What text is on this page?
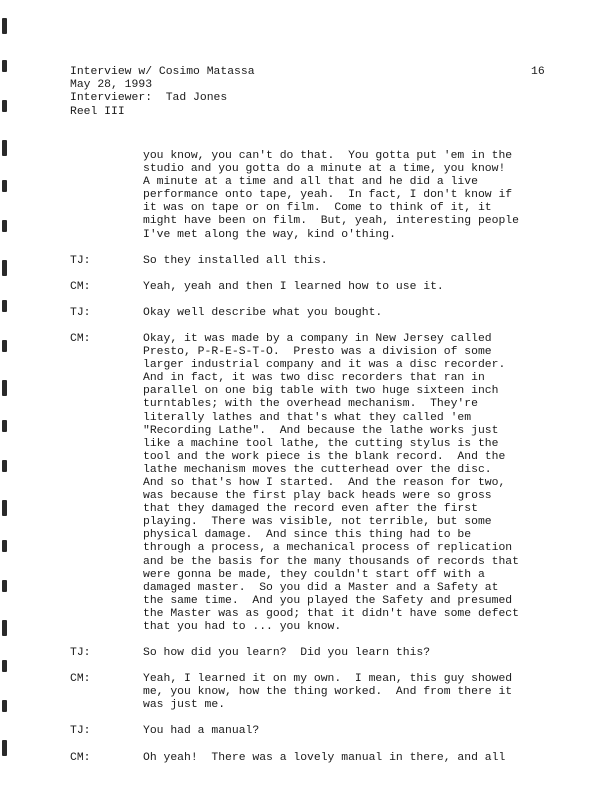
Interview w/ Cosimo Matassa
May 28, 1993
Interviewer:  Tad Jones
Reel III
16
you know, you can't do that.  You gotta put 'em in the
studio and you gotta do a minute at a time, you know!
A minute at a time and all that and he did a live
performance onto tape, yeah.  In fact, I don't know if
it was on tape or on film.  Come to think of it, it
might have been on film.  But, yeah, interesting people
I've met along the way, kind o'thing.
TJ:	So they installed all this.
CM:	Yeah, yeah and then I learned how to use it.
TJ:	Okay well describe what you bought.
CM:	Okay, it was made by a company in New Jersey called
Presto, P-R-E-S-T-O.  Presto was a division of some
larger industrial company and it was a disc recorder.
And in fact, it was two disc recorders that ran in
parallel on one big table with two huge sixteen inch
turntables; with the overhead mechanism.  They're
literally lathes and that's what they called 'em
"Recording Lathe".  And because the lathe works just
like a machine tool lathe, the cutting stylus is the
tool and the work piece is the blank record.  And the
lathe mechanism moves the cutterhead over the disc.
And so that's how I started.  And the reason for two,
was because the first play back heads were so gross
that they damaged the record even after the first
playing.  There was visible, not terrible, but some
physical damage.  And since this thing had to be
through a process, a mechanical process of replication
and be the basis for the many thousands of records that
were gonna be made, they couldn't start off with a
damaged master.  So you did a Master and a Safety at
the same time.  And you played the Safety and presumed
the Master was as good; that it didn't have some defect
that you had to ... you know.
TJ:	So how did you learn?  Did you learn this?
CM:	Yeah, I learned it on my own.  I mean, this guy showed
me, you know, how the thing worked.  And from there it
was just me.
TJ:	You had a manual?
CM:	Oh yeah!  There was a lovely manual in there, and all
